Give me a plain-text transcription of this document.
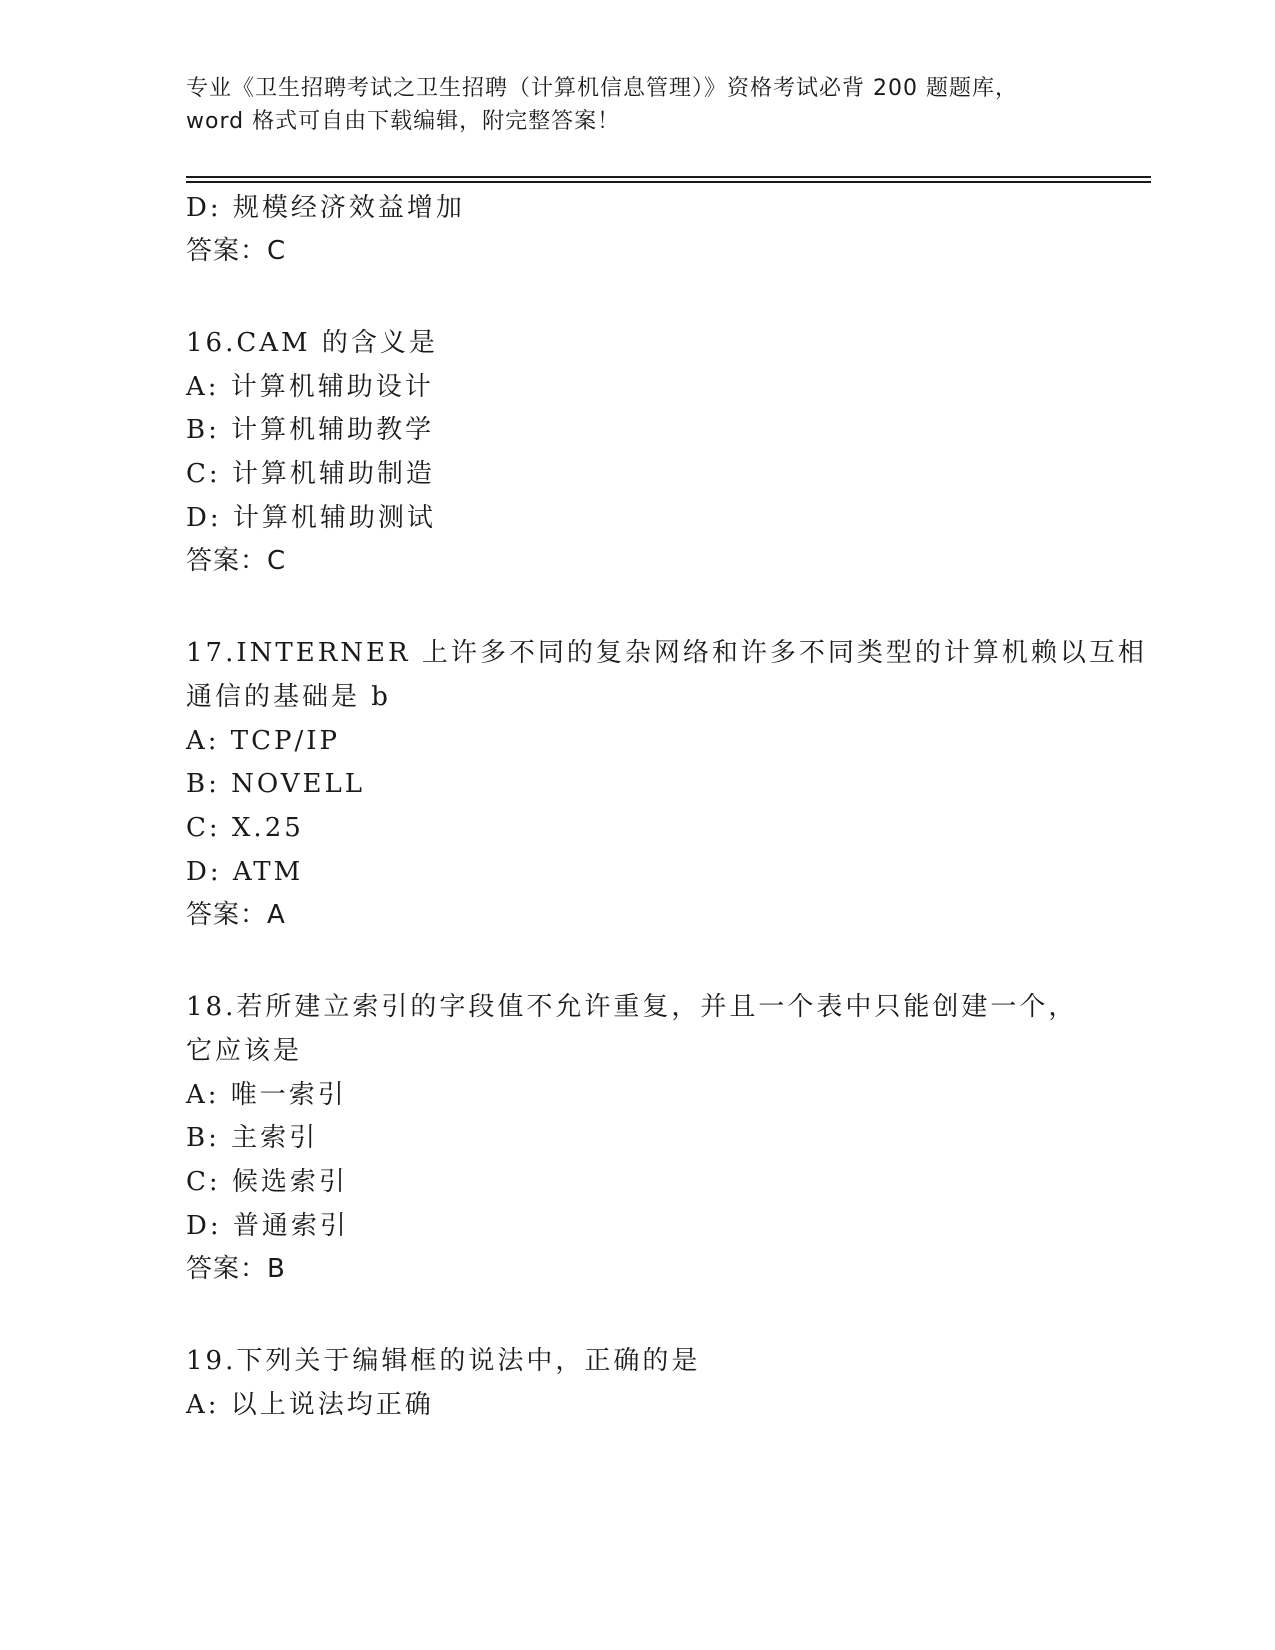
专业《卫生招聘考试之卫生招聘（计算机信息管理）》资格考试必背 200 题题库，
word 格式可自由下载编辑，附完整答案！
D: 规模经济效益增加
答案：C
16.CAM 的含义是
A: 计算机辅助设计
B: 计算机辅助教学
C: 计算机辅助制造
D: 计算机辅助测试
答案：C
17.INTERNER 上许多不同的复杂网络和许多不同类型的计算机赖以互相
通信的基础是 b
A: TCP/IP
B: NOVELL
C: X.25
D: ATM
答案：A
18.若所建立索引的字段值不允许重复，并且一个表中只能创建一个，
它应该是
A: 唯一索引
B: 主索引
C: 候选索引
D: 普通索引
答案：B
19.下列关于编辑框的说法中，正确的是
A: 以上说法均正确
